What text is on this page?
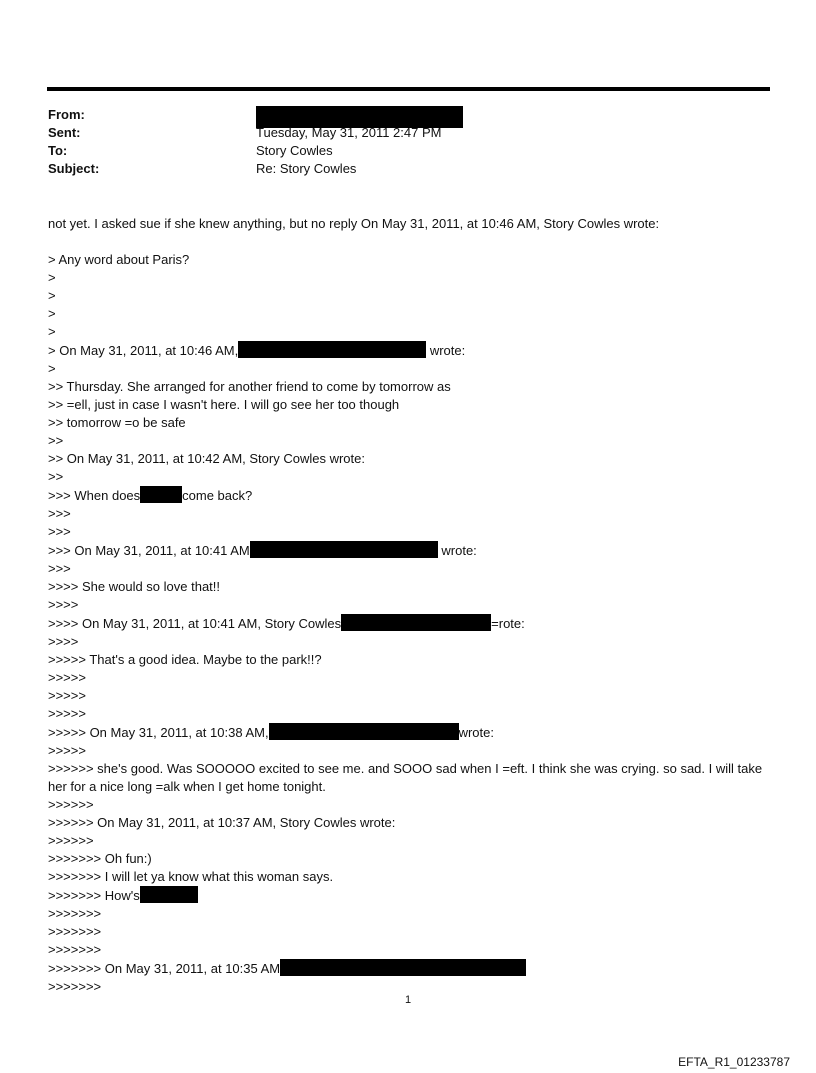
From:
Sent:	Tuesday, May 31, 2011 2:47 PM
To:	Story Cowles
Subject:	Re: Story Cowles
not yet. I asked sue if she knew anything, but no reply On May 31, 2011, at 10:46 AM, Story Cowles wrote:
> Any word about Paris?
>
>
>
>
> On May 31, 2011, at 10:46 AM,	wrote:
>
>> Thursday. She arranged for another friend to come by tomorrow as
>> =ell, just in case I wasn't here. I will go see her too though
>> tomorrow =o be safe
>>
>> On May 31, 2011, at 10:42 AM, Story Cowles wrote:
>>
>>> When does	come back?
>>>
>>>
>>> On May 31, 2011, at 10:41 AM	wrote:
>>>
>>>> She would so love that!!
>>>>
>>>> On May 31, 2011, at 10:41 AM, Story Cowles	=rote:
>>>>
>>>>> That's a good idea. Maybe to the park!!?
>>>>>
>>>>>
>>>>>
>>>>> On May 31, 2011, at 10:38 AM,	wrote:
>>>>>
>>>>>> she's good. Was SOOOOO excited to see me. and SOOO sad when I =eft. I think she was crying. so sad. I will take her for a nice long =alk when I get home tonight.
>>>>>>
>>>>>> On May 31, 2011, at 10:37 AM, Story Cowles wrote:
>>>>>>
>>>>>>> Oh fun:)
>>>>>>> I will let ya know what this woman says.
>>>>>>> How's
>>>>>>>
>>>>>>>
>>>>>>>
>>>>>>> On May 31, 2011, at 10:35 AM
>>>>>>>
1
EFTA_R1_01233787
